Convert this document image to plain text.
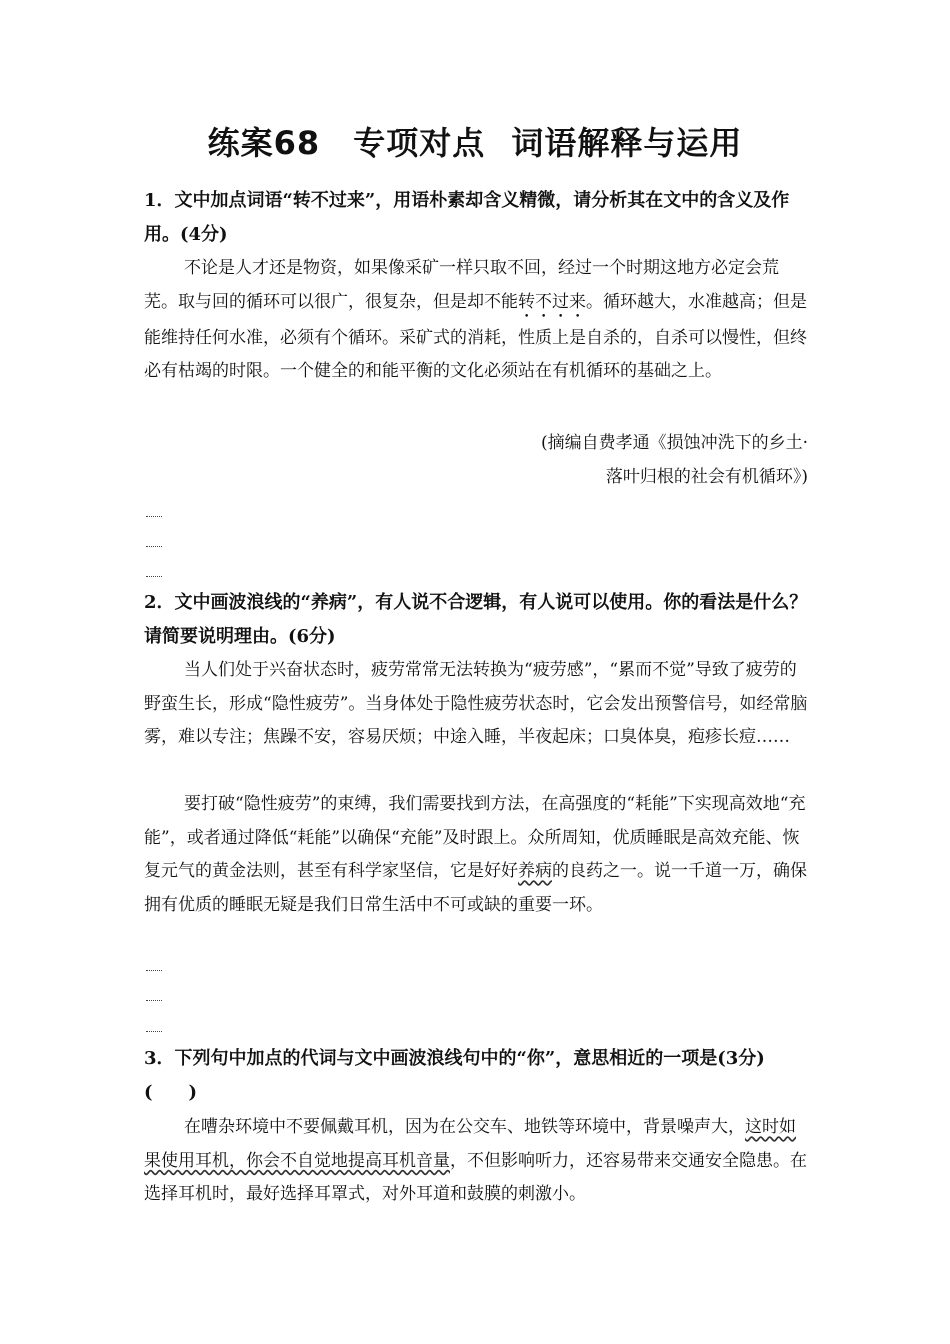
练案68　专项对点 词语解释与运用
1．文中加点词语“转不过来”，用语朴素却含义精微，请分析其在文中的含义及作用。(4分)
不论是人才还是物资，如果像采矿一样只取不回，经过一个时期这地方必定会荒芜。取与回的循环可以很广，很复杂，但是却不能转不过来。循环越大，水准越高；但是能维持任何水准，必须有个循环。采矿式的消耗，性质上是自杀的，自杀可以慢性，但终必有枯竭的时限。一个健全的和能平衡的文化必须站在有机循环的基础之上。
(摘编自费孝通《损蚀冲洗下的乡土·
落叶归根的社会有机循环》)
2．文中画波浪线的“养病”，有人说不合逻辑，有人说可以使用。你的看法是什么？请简要说明理由。(6分)
当人们处于兴奋状态时，疲劳常常无法转换为“疲劳感”，“累而不觉”导致了疲劳的野蛮生长，形成“隐性疲劳”。当身体处于隐性疲劳状态时，它会发出预警信号，如经常脑雾，难以专注；焦躁不安，容易厌烦；中途入睡，半夜起床；口臭体臭，疱疹长痘……
要打破“隐性疲劳”的束缚，我们需要找到方法，在高强度的“耗能”下实现高效地“充能”，或者通过降低“耗能”以确保“充能”及时跟上。众所周知，优质睡眠是高效充能、恢复元气的黄金法则，甚至有科学家坚信，它是好好养病的良药之一。说一千道一万，确保拥有优质的睡眠无疑是我们日常生活中不可或缺的重要一环。
3．下列句中加点的代词与文中画波浪线句中的“你”，意思相近的一项是(3分)(　　)
在嘈杂环境中不要佩戴耳机，因为在公交车、地铁等环境中，背景噪声大，这时如果使用耳机，你会不自觉地提高耳机音量，不但影响听力，还容易带来交通安全隐患。在选择耳机时，最好选择耳罩式，对外耳道和鼓膜的刺激小。
